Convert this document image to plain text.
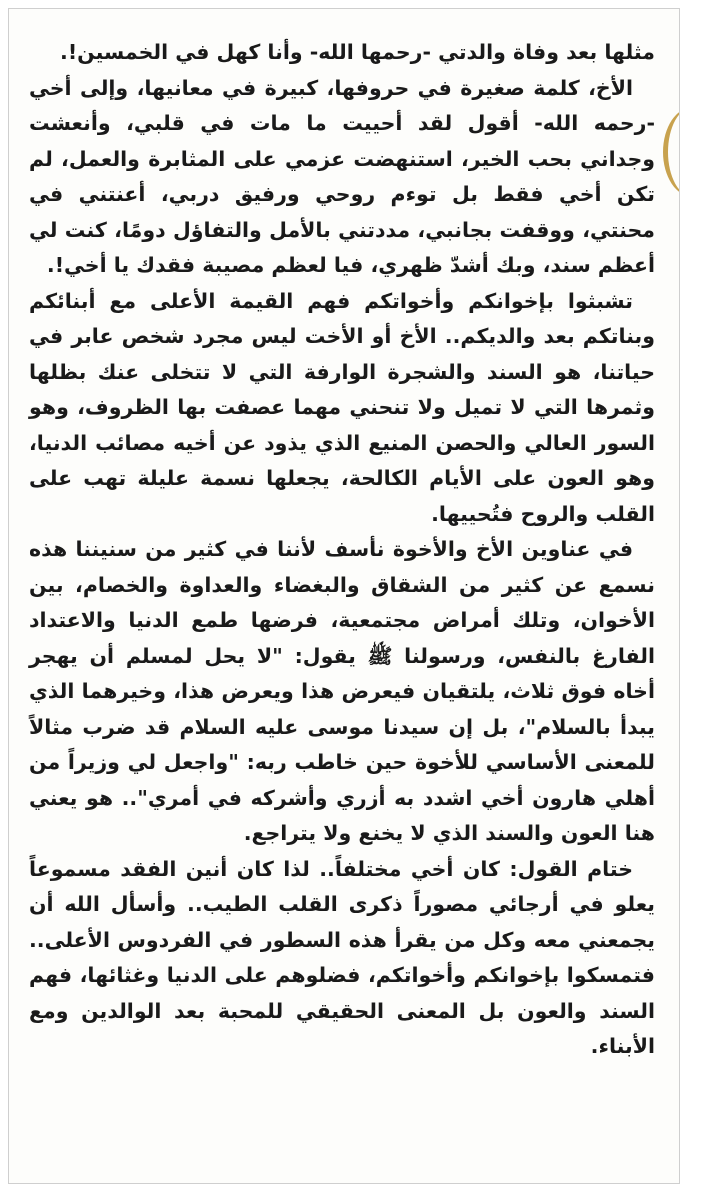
مثلها بعد وفاة والدتي -رحمها الله- وأنا كهل في الخمسين!.

الأخ، كلمة صغيرة في حروفها، كبيرة في معانيها، وإلى أخي -رحمه الله- أقول لقد أحييت ما مات في قلبي، وأنعشت وجداني بحب الخير، استنهضت عزمي على المثابرة والعمل، لم تكن أخي فقط بل توءم روحي ورفيق دربي، أعنتني في محنتي، ووقفت بجانبي، مددتني بالأمل والتفاؤل دومًا، كنت لي أعظم سند، وبك أشدّ ظهري، فيا لعظم مصيبة فقدك يا أخي!.

تشبثوا بإخوانكم وأخواتكم فهم القيمة الأعلى مع أبنائكم وبناتكم بعد والديكم.. الأخ أو الأخت ليس مجرد شخص عابر في حياتنا، هو السند والشجرة الوارفة التي لا تتخلى عنك بظلها وثمرها التي لا تميل ولا تنحني مهما عصفت بها الظروف، وهو السور العالي والحصن المنيع الذي يذود عن أخيه مصائب الدنيا، وهو العون على الأيام الكالحة، يجعلها نسمة عليلة تهب على القلب والروح فتُحييها.

في عناوين الأخ والأخوة نأسف لأننا في كثير من سنيننا هذه نسمع عن كثير من الشقاق والبغضاء والعداوة والخصام، بين الأخوان، وتلك أمراض مجتمعية، فرضها طمع الدنيا والاعتداد الفارغ بالنفس، ورسولنا ﷺ يقول: "لا يحل لمسلم أن يهجر أخاه فوق ثلاث، يلتقيان فيعرض هذا ويعرض هذا، وخيرهما الذي يبدأ بالسلام"، بل إن سيدنا موسى عليه السلام قد ضرب مثالاً للمعنى الأساسي للأخوة حين خاطب ربه: "واجعل لي وزيراً من أهلي هارون أخي اشدد به أزري وأشركه في أمري".. هو يعني هنا العون والسند الذي لا يخنع ولا يتراجع.

ختام القول: كان أخي مختلفاً.. لذا كان أنين الفقد مسموعاً يعلو في أرجائي مصوراً ذكرى القلب الطيب.. وأسأل الله أن يجمعني معه وكل من يقرأ هذه السطور في الفردوس الأعلى.. فتمسكوا بإخوانكم وأخواتكم، فضلوهم على الدنيا وغثائها، فهم السند والعون بل المعنى الحقيقي للمحبة بعد الوالدين ومع الأبناء.
